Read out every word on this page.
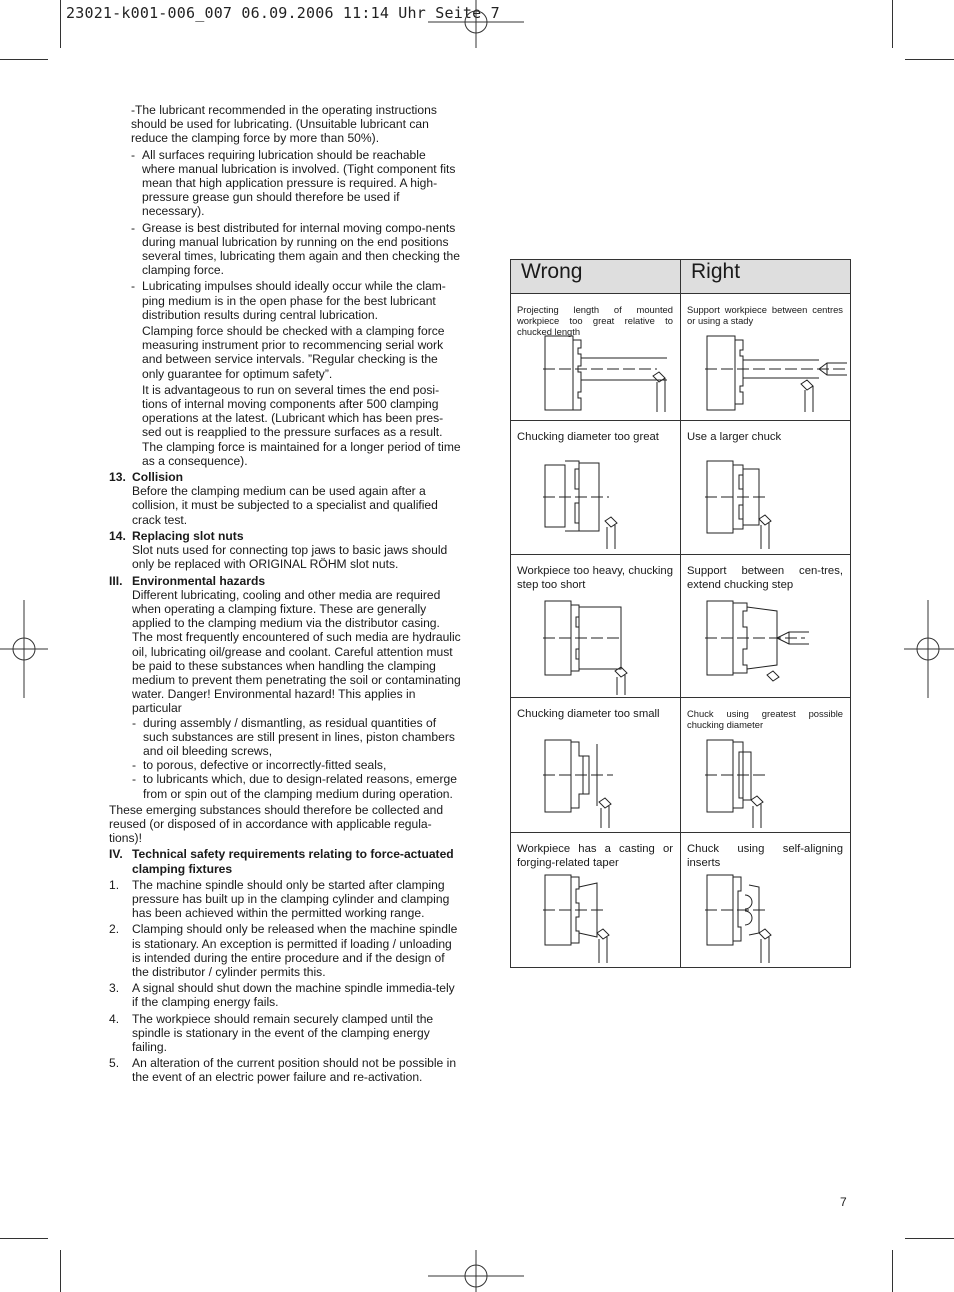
23021-k001-006_007 06.09.2006 11:14 Uhr Seite 7
-The lubricant recommended in the operating instructions should be used for lubricating. (Unsuitable lubricant can reduce the clamping force by more than 50%).
- All surfaces requiring lubrication should be reachable where manual lubrication is involved. (Tight component fits mean that high application pressure is required. A high-pressure grease gun should therefore be used if necessary).
- Grease is best distributed for internal moving compo-nents during manual lubrication by running on the end positions several times, lubricating them again and then checking the clamping force.
- Lubricating impulses should ideally occur while the clam-ping medium is in the open phase for the best lubricant distribution results during central lubrication.
Clamping force should be checked with a clamping force measuring instrument prior to recommencing serial work and between service intervals. ”Regular checking is the only guarantee for optimum safety”.
It is advantageous to run on several times the end posi-tions of internal moving components after 500 clamping operations at the latest. (Lubricant which has been pres-sed out is reapplied to the pressure surfaces as a result. The clamping force is maintained for a longer period of time as a consequence).
13. Collision
Before the clamping medium can be used again after a collision, it must be subjected to a specialist and qualified crack test.
14. Replacing slot nuts
Slot nuts used for connecting top jaws to basic jaws should only be replaced with ORIGINAL RÖHM slot nuts.
III. Environmental hazards
Different lubricating, cooling and other media are required when operating a clamping fixture. These are generally applied to the clamping medium via the distributor casing. The most frequently encountered of such media are hydraulic oil, lubricating oil/grease and coolant. Careful attention must be paid to these substances when handling the clamping medium to prevent them penetrating the soil or contaminating water. Danger! Environmental hazard! This applies in particular
- during assembly / dismantling, as residual quantities of such substances are still present in lines, piston chambers and oil bleeding screws,
- to porous, defective or incorrectly-fitted seals,
- to lubricants which, due to design-related reasons, emerge from or spin out of the clamping medium during operation.
These emerging substances should therefore be collected and reused (or disposed of in accordance with applicable regula-tions)!
IV. Technical safety requirements relating to force-actuated clamping fixtures
1. The machine spindle should only be started after clamping pressure has built up in the clamping cylinder and clamping has been achieved within the permitted working range.
2. Clamping should only be released when the machine spindle is stationary. An exception is permitted if loading / unloading is intended during the entire procedure and if the design of the distributor / cylinder permits this.
3. A signal should shut down the machine spindle immedia-tely if the clamping energy fails.
4. The workpiece should remain securely clamped until the spindle is stationary in the event of the clamping energy failing.
5. An alteration of the current position should not be possible in the event of an electric power failure and re-activation.
Wrong	Right

Projecting length of mounted workpiece too great relative to chucked length	Support workpiece between centres or using a stady

Chucking diameter too great	Use a larger chuck

Workpiece too heavy, chucking step too short	Support between cen-tres, extend chucking step

Chucking diameter too small	Chuck using greatest possible chucking diameter

Workpiece has a casting or forging-related taper	Chuck using self-aligning inserts
7
